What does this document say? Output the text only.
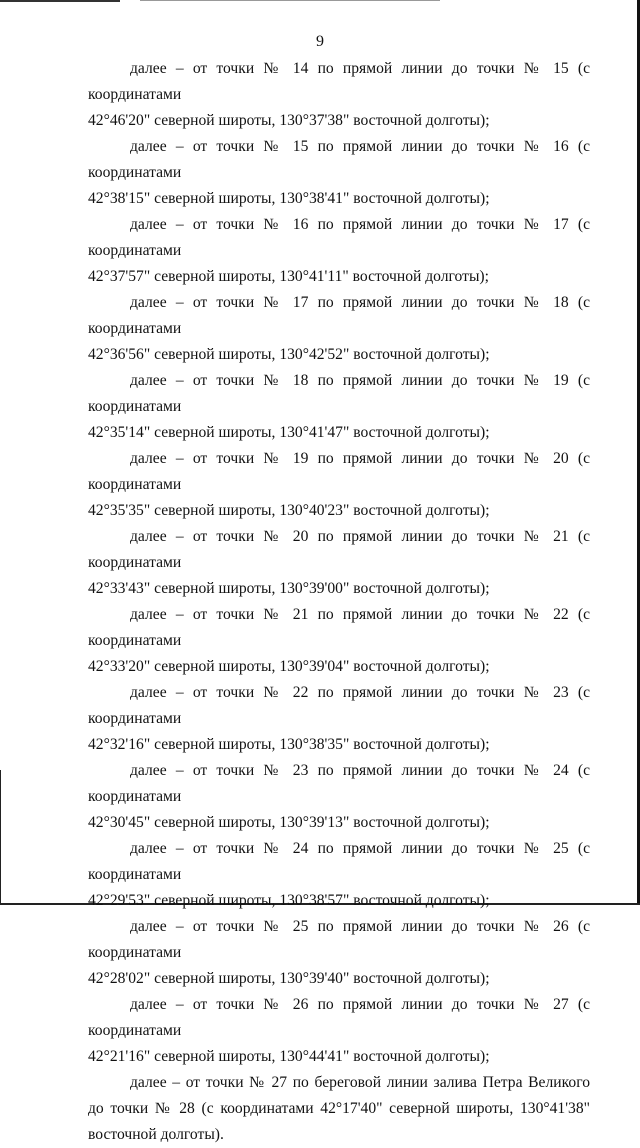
9

далее – от точки № 14 по прямой линии до точки № 15 (с координатами
42°46'20" северной широты, 130°37'38" восточной долготы);

далее – от точки № 15 по прямой линии до точки № 16 (с координатами
42°38'15" северной широты, 130°38'41" восточной долготы);

далее – от точки № 16 по прямой линии до точки № 17 (с координатами
42°37'57" северной широты, 130°41'11" восточной долготы);

далее – от точки № 17 по прямой линии до точки № 18 (с координатами
42°36'56" северной широты, 130°42'52" восточной долготы);

далее – от точки № 18 по прямой линии до точки № 19 (с координатами
42°35'14" северной широты, 130°41'47" восточной долготы);

далее – от точки № 19 по прямой линии до точки № 20 (с координатами
42°35'35" северной широты, 130°40'23" восточной долготы);

далее – от точки № 20 по прямой линии до точки № 21 (с координатами
42°33'43" северной широты, 130°39'00" восточной долготы);

далее – от точки № 21 по прямой линии до точки № 22 (с координатами
42°33'20" северной широты, 130°39'04" восточной долготы);

далее – от точки № 22 по прямой линии до точки № 23 (с координатами
42°32'16" северной широты, 130°38'35" восточной долготы);

далее – от точки № 23 по прямой линии до точки № 24 (с координатами
42°30'45" северной широты, 130°39'13" восточной долготы);

далее – от точки № 24 по прямой линии до точки № 25 (с координатами
42°29'53" северной широты, 130°38'57" восточной долготы);

далее – от точки № 25 по прямой линии до точки № 26 (с координатами
42°28'02" северной широты, 130°39'40" восточной долготы);

далее – от точки № 26 по прямой линии до точки № 27 (с координатами
42°21'16" северной широты, 130°44'41" восточной долготы);

далее – от точки № 27 по береговой линии залива Петра Великого
до точки № 28 (с координатами 42°17'40" северной широты, 130°41'38"
восточной долготы).
